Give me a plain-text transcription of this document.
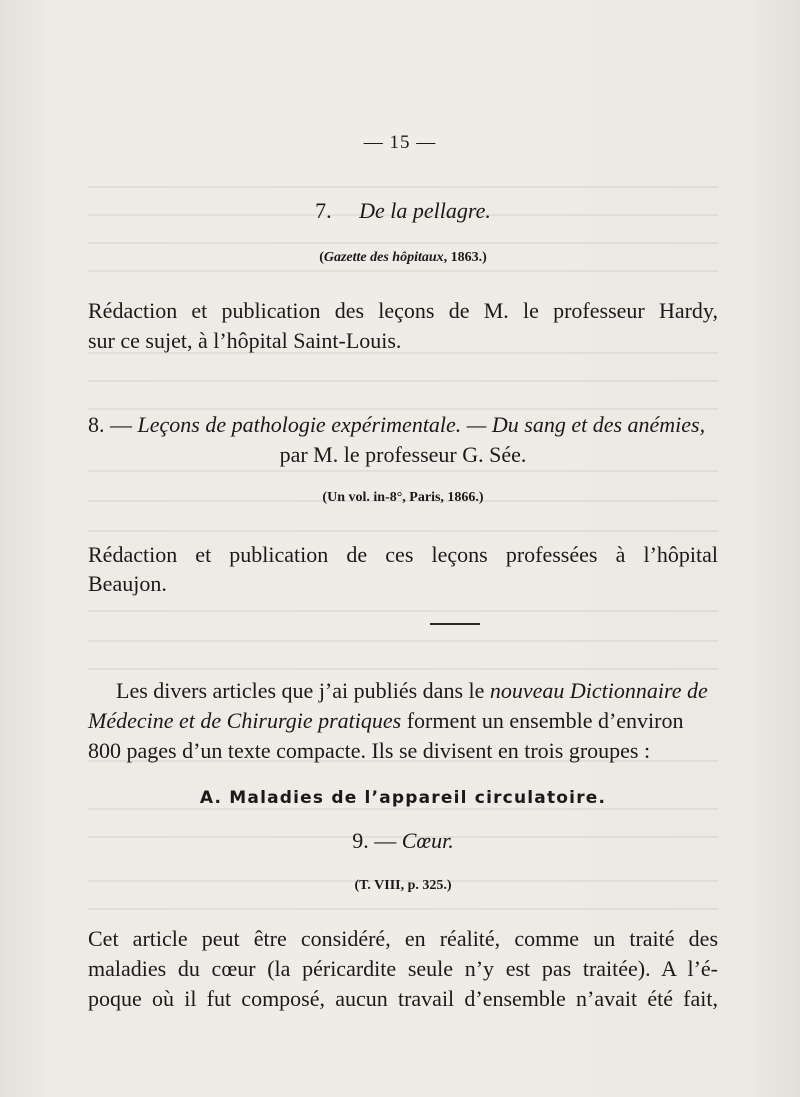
— 15 —
7. De la pellagre.
(Gazette des hôpitaux, 1863.)
Rédaction et publication des leçons de M. le professeur Hardy,
sur ce sujet, à l’hôpital Saint-Louis.
8. — Leçons de pathologie expérimentale. — Du sang et des anémies,
par M. le professeur G. Sée.
(Un vol. in-8°, Paris, 1866.)
Rédaction et publication de ces leçons professées à l’hôpital
Beaujon.
Les divers articles que j’ai publiés dans le nouveau Dictionnaire de
Médecine et de Chirurgie pratiques forment un ensemble d’environ
800 pages d’un texte compacte. Ils se divisent en trois groupes :
A. Maladies de l’appareil circulatoire.
9. — Cœur.
(T. VIII, p. 325.)
Cet article peut être considéré, en réalité, comme un traité des
maladies du cœur (la péricardite seule n’y est pas traitée). A l’é-
poque où il fut composé, aucun travail d’ensemble n’avait été fait,
